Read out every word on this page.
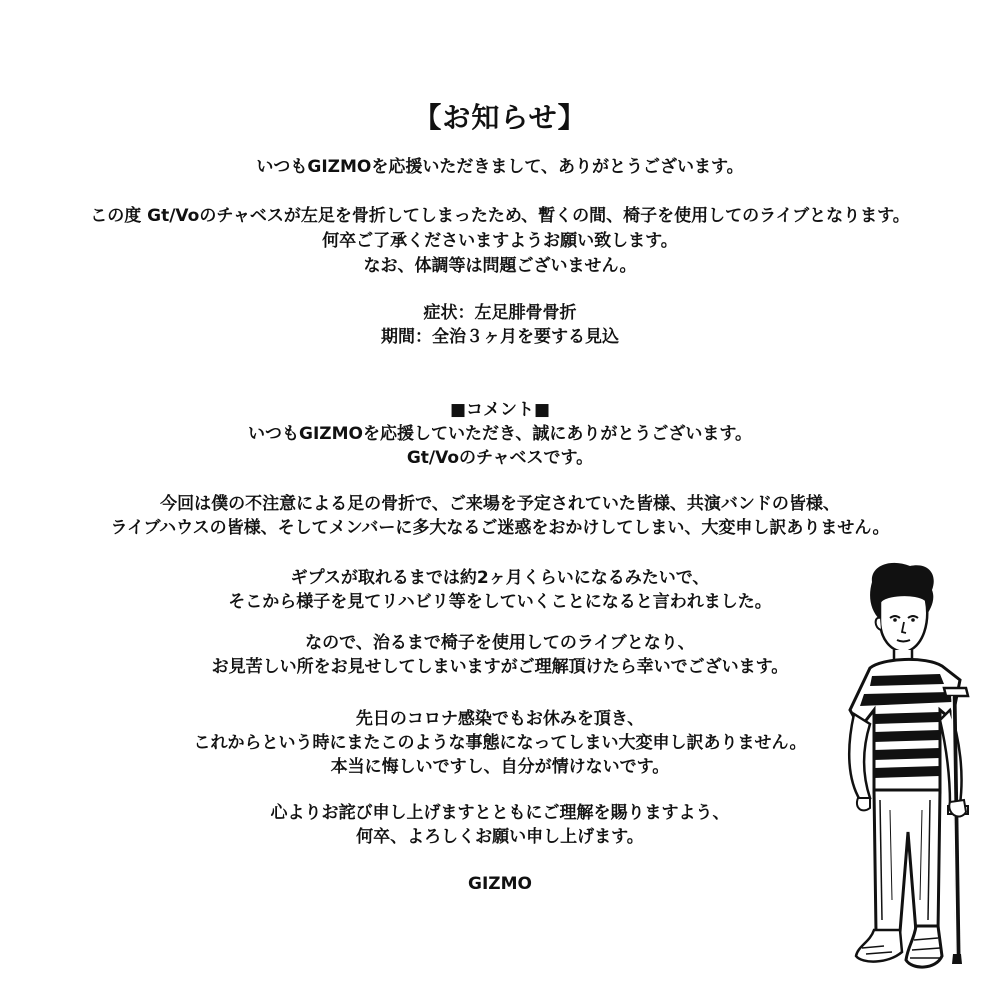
【お知らせ】
いつもGIZMOを応援いただきまして、ありがとうございます。
この度 Gt/Voのチャベスが左足を骨折してしまったため、暫くの間、椅子を使用してのライブとなります。
何卒ご了承くださいますようお願い致します。
なお、体調等は問題ございません。
症状：左足腓骨骨折
期間：全治３ヶ月を要する見込
■コメント■
いつもGIZMOを応援していただき、誠にありがとうございます。
Gt/Voのチャベスです。
今回は僕の不注意による足の骨折で、ご来場を予定されていた皆様、共演バンドの皆様、
ライブハウスの皆様、そしてメンバーに多大なるご迷惑をおかけしてしまい、大変申し訳ありません。
ギプスが取れるまでは約2ヶ月くらいになるみたいで、
そこから様子を見てリハビリ等をしていくことになると言われました。
なので、治るまで椅子を使用してのライブとなり、
お見苦しい所をお見せしてしまいますがご理解頂けたら幸いでございます。
先日のコロナ感染でもお休みを頂き、
これからという時にまたこのような事態になってしまい大変申し訳ありません。
本当に悔しいですし、自分が情けないです。
心よりお詫び申し上げますとともにご理解を賜りますよう、
何卒、よろしくお願い申し上げます。
GIZMO
